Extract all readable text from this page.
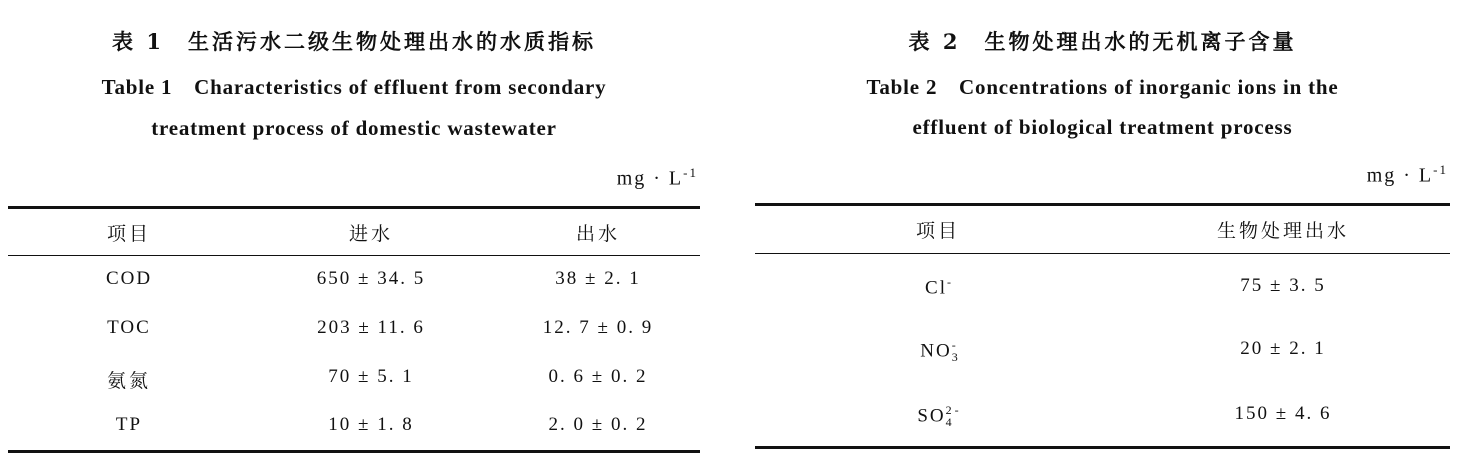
表 1　生活污水二级生物处理出水的水质指标
Table 1　Characteristics of effluent from secondary
treatment process of domestic wastewater
mg · $L^{-1}$
项目	进水	出水
COD	650 ± 34. 5	38 ± 2. 1
TOC	203 ± 11. 6	12. 7 ± 0. 9
氨氮	70 ± 5. 1	0. 6 ± 0. 2
TP	10 ± 1. 8	2. 0 ± 0. 2
表 2　生物处理出水的无机离子含量
Table 2　Concentrations of inorganic ions in the
effluent of biological treatment process
mg · $L^{-1}$
项目	生物处理出水
Cl-	75 ± 3. 5
$NO_3^-$	20 ± 2. 1
$SO_4^{2 -}$	150 ± 4. 6
